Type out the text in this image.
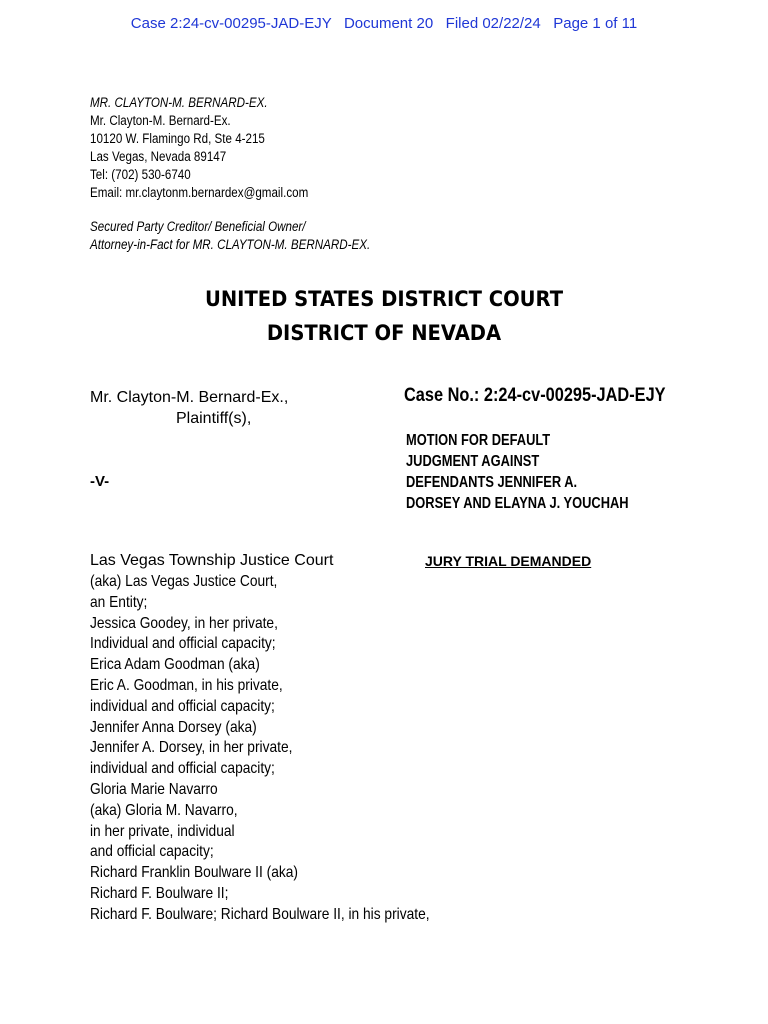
Case 2:24-cv-00295-JAD-EJY   Document 20   Filed 02/22/24   Page 1 of 11
MR. CLAYTON-M. BERNARD-EX.
Mr. Clayton-M. Bernard-Ex.
10120 W. Flamingo Rd, Ste 4-215
Las Vegas, Nevada 89147
Tel: (702) 530-6740
Email: mr.claytonm.bernardex@gmail.com
Secured Party Creditor/ Beneficial Owner/
Attorney-in-Fact for MR. CLAYTON-M. BERNARD-EX.
UNITED STATES DISTRICT COURT
DISTRICT OF NEVADA
Mr. Clayton-M. Bernard-Ex.,
Plaintiff(s),
-V-
Case No.: 2:24-cv-00295-JAD-EJY
MOTION FOR DEFAULT
JUDGMENT AGAINST
DEFENDANTS JENNIFER A.
DORSEY AND ELAYNA J. YOUCHAH
JURY TRIAL DEMANDED
Las Vegas Township Justice Court
(aka) Las Vegas Justice Court,
an Entity;
Jessica Goodey, in her private,
Individual and official capacity;
Erica Adam Goodman (aka)
Eric A. Goodman, in his private,
individual and official capacity;
Jennifer Anna Dorsey (aka)
Jennifer A. Dorsey, in her private,
individual and official capacity;
Gloria Marie Navarro
(aka) Gloria M. Navarro,
in her private, individual
and official capacity;
Richard Franklin Boulware II (aka)
Richard F. Boulware II;
Richard F. Boulware; Richard Boulware II, in his private,
